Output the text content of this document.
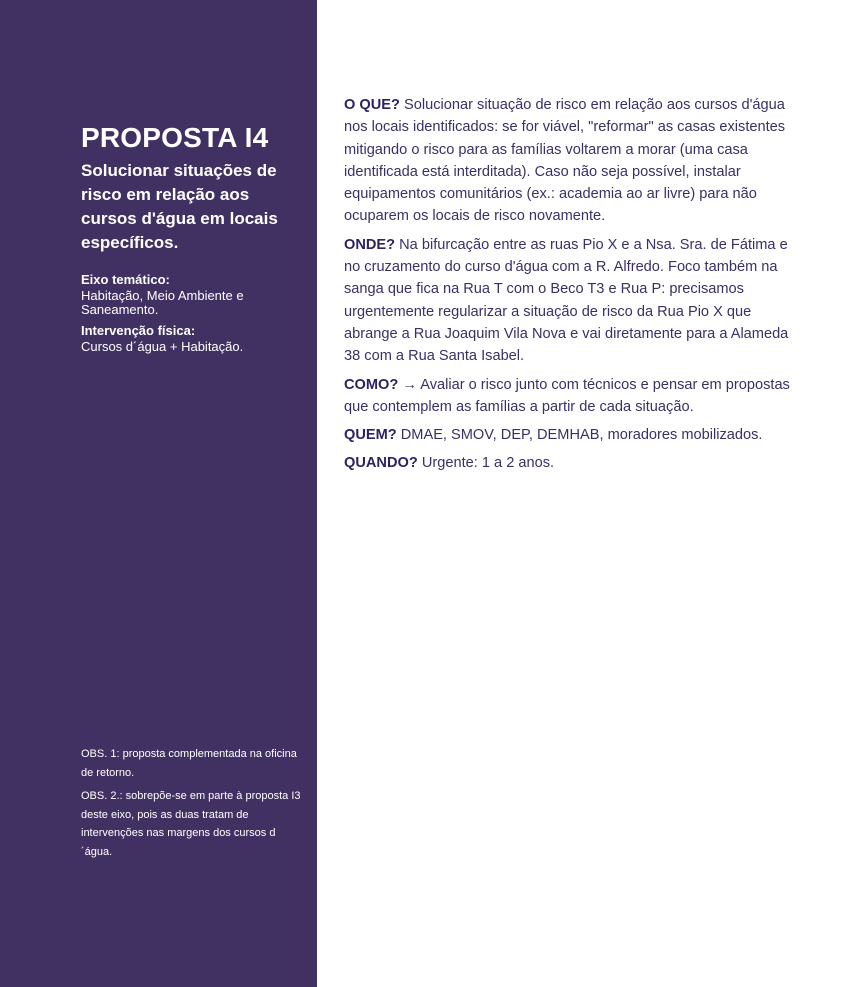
PROPOSTA I4

Solucionar situações de risco em relação aos cursos d'água em locais específicos.

Eixo temático:
Habitação, Meio Ambiente e Saneamento.
Intervenção física:
Cursos d´água + Habitação.

OBS. 1: proposta complementada na oficina de retorno.

OBS. 2.: sobrepõe-se em parte à proposta I3 deste eixo, pois as duas tratam de intervenções nas margens dos cursos d´água.

O QUE? Solucionar situação de risco em relação aos cursos d'água nos locais identificados: se for viável, "reformar" as casas existentes mitigando o risco para as famílias voltarem a morar (uma casa identificada está interditada). Caso não seja possível, instalar equipamentos comunitários (ex.: academia ao ar livre) para não ocuparem os locais de risco novamente.

ONDE? Na bifurcação entre as ruas Pio X e a Nsa. Sra. de Fátima e no cruzamento do curso d'água com a R. Alfredo. Foco também na sanga que fica na Rua T com o Beco T3 e Rua P: precisamos urgentemente regularizar a situação de risco da Rua Pio X que abrange a Rua Joaquim Vila Nova e vai diretamente para a Alameda 38 com a Rua Santa Isabel.

COMO? → Avaliar o risco junto com técnicos e pensar em propostas que contemplem as famílias a partir de cada situação.

QUEM? DMAE, SMOV, DEP, DEMHAB, moradores mobilizados.

QUANDO? Urgente: 1 a 2 anos.
